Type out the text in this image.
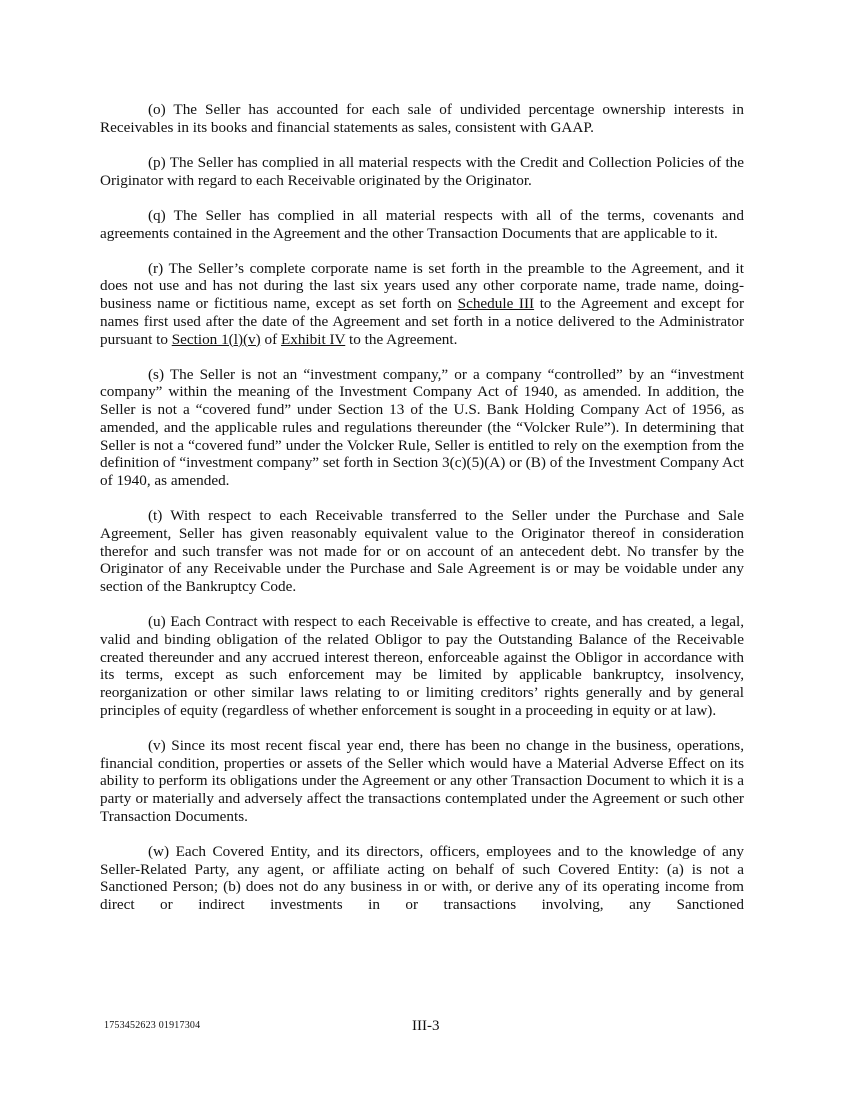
(o) The Seller has accounted for each sale of undivided percentage ownership interests in Receivables in its books and financial statements as sales, consistent with GAAP.

(p) The Seller has complied in all material respects with the Credit and Collection Policies of the Originator with regard to each Receivable originated by the Originator.

(q) The Seller has complied in all material respects with all of the terms, covenants and agreements contained in the Agreement and the other Transaction Documents that are applicable to it.

(r) The Seller’s complete corporate name is set forth in the preamble to the Agreement, and it does not use and has not during the last six years used any other corporate name, trade name, doing-business name or fictitious name, except as set forth on Schedule III to the Agreement and except for names first used after the date of the Agreement and set forth in a notice delivered to the Administrator pursuant to Section 1(l)(v) of Exhibit IV to the Agreement.

(s) The Seller is not an “investment company,” or a company “controlled” by an “investment company” within the meaning of the Investment Company Act of 1940, as amended. In addition, the Seller is not a “covered fund” under Section 13 of the U.S. Bank Holding Company Act of 1956, as amended, and the applicable rules and regulations thereunder (the “Volcker Rule”). In determining that Seller is not a “covered fund” under the Volcker Rule, Seller is entitled to rely on the exemption from the definition of “investment company” set forth in Section 3(c)(5)(A) or (B) of the Investment Company Act of 1940, as amended.

(t) With respect to each Receivable transferred to the Seller under the Purchase and Sale Agreement, Seller has given reasonably equivalent value to the Originator thereof in consideration therefor and such transfer was not made for or on account of an antecedent debt. No transfer by the Originator of any Receivable under the Purchase and Sale Agreement is or may be voidable under any section of the Bankruptcy Code.

(u) Each Contract with respect to each Receivable is effective to create, and has created, a legal, valid and binding obligation of the related Obligor to pay the Outstanding Balance of the Receivable created thereunder and any accrued interest thereon, enforceable against the Obligor in accordance with its terms, except as such enforcement may be limited by applicable bankruptcy, insolvency, reorganization or other similar laws relating to or limiting creditors’ rights generally and by general principles of equity (regardless of whether enforcement is sought in a proceeding in equity or at law).

(v) Since its most recent fiscal year end, there has been no change in the business, operations, financial condition, properties or assets of the Seller which would have a Material Adverse Effect on its ability to perform its obligations under the Agreement or any other Transaction Document to which it is a party or materially and adversely affect the transactions contemplated under the Agreement or such other Transaction Documents.

(w) Each Covered Entity, and its directors, officers, employees and to the knowledge of any Seller-Related Party, any agent, or affiliate acting on behalf of such Covered Entity: (a) is not a Sanctioned Person; (b) does not do any business in or with, or derive any of its operating income from direct or indirect investments in or transactions involving, any Sanctioned

1753452623 01917304	III-3
